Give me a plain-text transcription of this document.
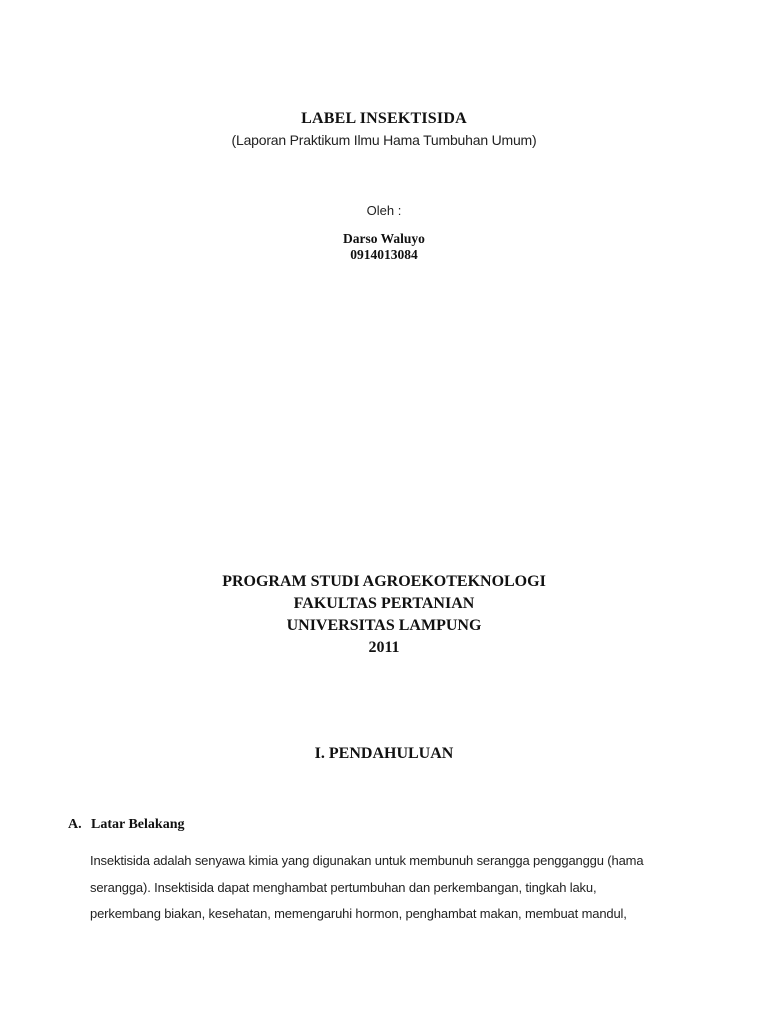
LABEL INSEKTISIDA
(Laporan Praktikum Ilmu Hama Tumbuhan Umum)
Oleh :
Darso Waluyo
0914013084
PROGRAM STUDI AGROEKOTEKNOLOGI
FAKULTAS PERTANIAN
UNIVERSITAS LAMPUNG
2011
I. PENDAHULUAN
A. Latar Belakang
Insektisida adalah senyawa kimia yang digunakan untuk membunuh serangga pengganggu (hama
serangga). Insektisida dapat menghambat pertumbuhan dan perkembangan, tingkah laku,
perkembang biakan, kesehatan, memengaruhi hormon, penghambat makan, membuat mandul,
